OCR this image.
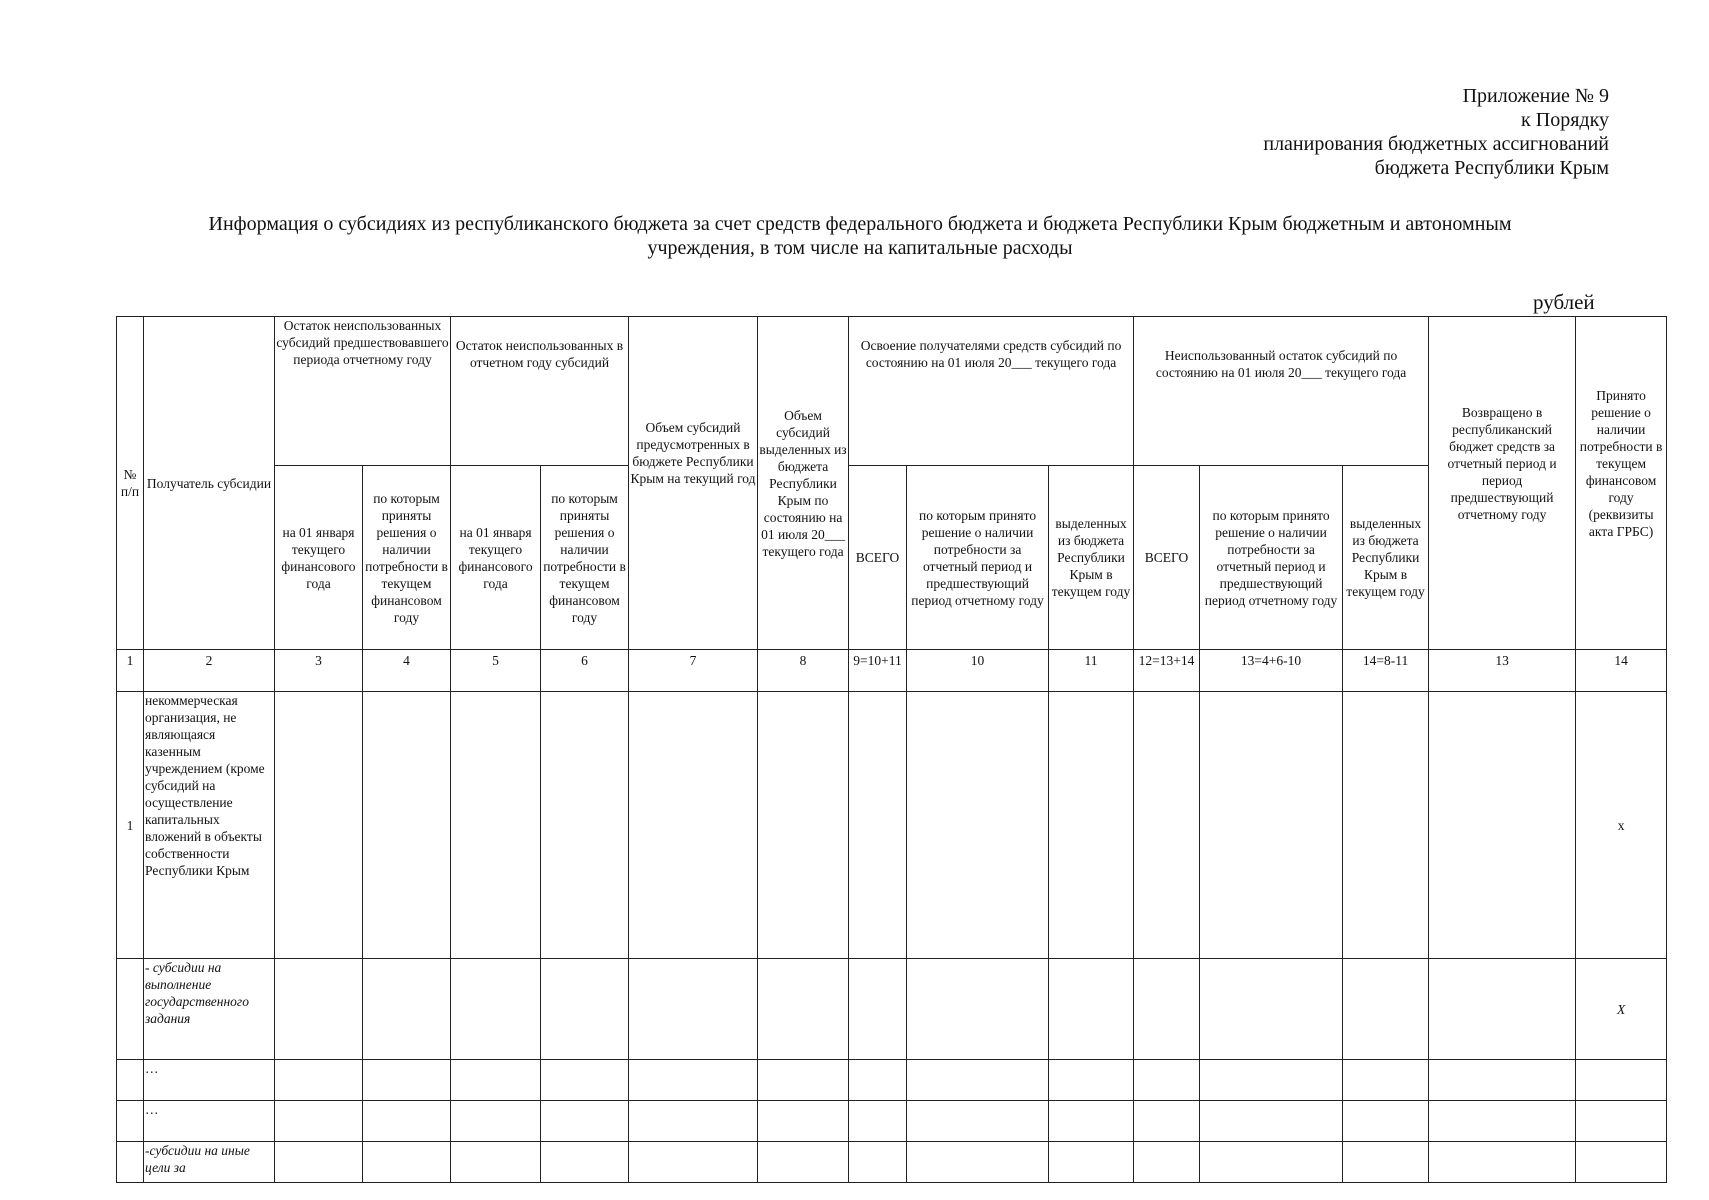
Приложение № 9
к Порядку
планирования бюджетных ассигнований
бюджета Республики Крым
Информация о субсидиях из республиканского бюджета за счет средств федерального бюджета и бюджета Республики Крым бюджетным и автономным
учреждения, в том числе на капитальные расходы
рублей
№ п/п	Получатель субсидии	Остаток неиспользованных субсидий предшествовавшего периода отчетному году		Остаток неиспользованных в отчетном году субсидий		Объем субсидий предусмотренных в бюджете Республики Крым на текущий год	Объем субсидий выделенных из бюджета Республики Крым по состоянию на 01 июля 20___ текущего года	Освоение получателями средств субсидий по состоянию на 01 июля 20___ текущего года			Неиспользованный остаток субсидий по состоянию на 01 июля 20___ текущего года			Возвращено в республиканский бюджет средств за отчетный период и период предшествующий отчетному году	Принято решение о наличии потребности в текущем финансовом году (реквизиты акта ГРБС)
		на 01 января текущего финансового года	по которым приняты решения о наличии потребности в текущем финансовом году	на 01 января текущего финансового года	по которым приняты решения о наличии потребности в текущем финансовом году			ВСЕГО	по которым принято решение о наличии потребности за отчетный период и предшествующий период отчетному году	выделенных из бюджета Республики Крым в текущем году	ВСЕГО	по которым принято решение о наличии потребности за отчетный период и предшествующий период отчетному году	выделенных из бюджета Республики Крым в текущем году		
1	2	3	4	5	6	7	8	9=10+11	10	11	12=13+14	13=4+6-10	14=8-11	13	14
1	некоммерческая организация, не являющаяся казенным учреждением (кроме субсидий на осуществление капитальных вложений в объекты собственности Республики Крым														x
	- субсидии на выполнение государственного задания														X
	…														
	…														
	-субсидии на иные цели за														
